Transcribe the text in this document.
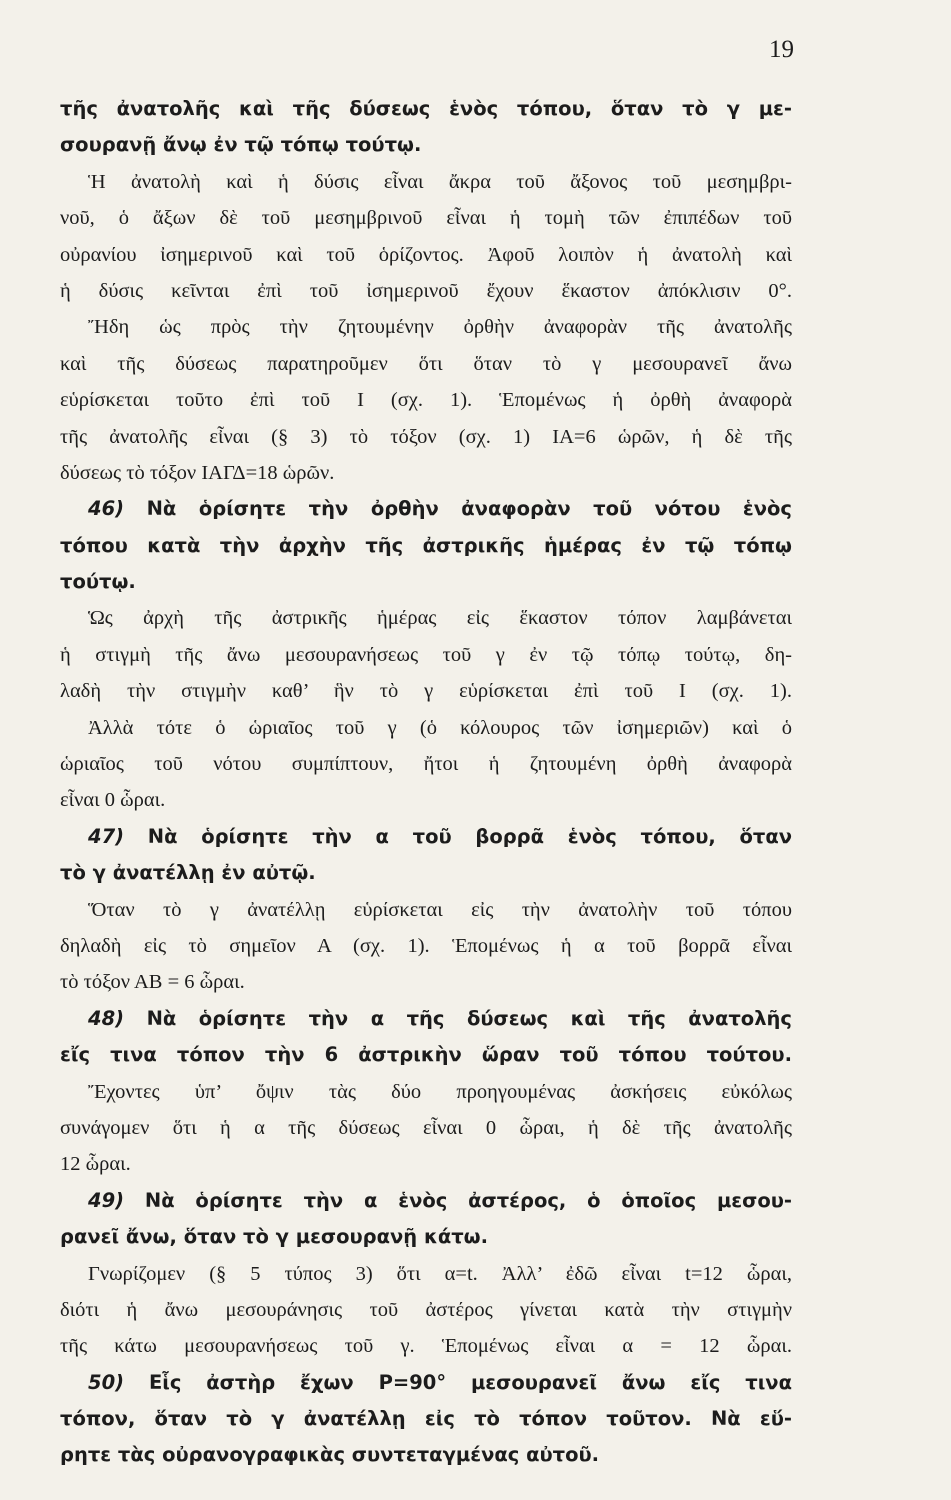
19
τῆς ἀνατολῆς καὶ τῆς δύσεως ἑνὸς τόπου, ὅταν τὸ γ με-
σουρανῇ ἄνῳ ἐν τῷ τόπῳ τούτῳ.
Ἡ ἀνατολὴ καὶ ἡ δύσις εἶναι ἄκρα τοῦ ἄξονος τοῦ μεσημβρι-
νοῦ, ὁ ἄξων δὲ τοῦ μεσημβρινοῦ εἶναι ἡ τομὴ τῶν ἐπιπέδων τοῦ
οὐρανίου ἰσημερινοῦ καὶ τοῦ ὁρίζοντος. Ἀφοῦ λοιπὸν ἡ ἀνατολὴ καὶ
ἡ δύσις κεῖνται ἐπὶ τοῦ ἰσημερινοῦ ἔχουν ἕκαστον ἀπόκλισιν 0°.
Ἤδη ὡς πρὸς τὴν ζητουμένην ὀρθὴν ἀναφορὰν τῆς ἀνατολῆς
καὶ τῆς δύσεως παρατηροῦμεν ὅτι ὅταν τὸ γ μεσουρανεῖ ἄνω
εὑρίσκεται τοῦτο ἐπὶ τοῦ Ι (σχ. 1). Ἑπομένως ἡ ὀρθὴ ἀναφορὰ
τῆς ἀνατολῆς εἶναι (§ 3) τὸ τόξον (σχ. 1) ΙΑ=6 ὡρῶν, ἡ δὲ τῆς
δύσεως τὸ τόξον ΙΑΓΔ=18 ὡρῶν.
46) Νὰ ὁρίσητε τὴν ὀρθὴν ἀναφορὰν τοῦ νότου ἑνὸς
τόπου κατὰ τὴν ἀρχὴν τῆς ἀστρικῆς ἡμέρας ἐν τῷ τόπῳ
τούτῳ.
Ὡς ἀρχὴ τῆς ἀστρικῆς ἡμέρας εἰς ἕκαστον τόπον λαμβάνεται
ἡ στιγμὴ τῆς ἄνω μεσουρανήσεως τοῦ γ ἐν τῷ τόπῳ τούτῳ, δη-
λαδὴ τὴν στιγμὴν καθ’ ἣν τὸ γ εὑρίσκεται ἐπὶ τοῦ Ι (σχ. 1).
Ἀλλὰ τότε ὁ ὡριαῖος τοῦ γ (ὁ κόλουρος τῶν ἰσημεριῶν) καὶ ὁ
ὡριαῖος τοῦ νότου συμπίπτουν, ἤτοι ἡ ζητουμένη ὀρθὴ ἀναφορὰ
εἶναι 0 ὧραι.
47) Νὰ ὁρίσητε τὴν α τοῦ βορρᾶ ἑνὸς τόπου, ὅταν
τὸ γ ἀνατέλλῃ ἐν αὐτῷ.
Ὅταν τὸ γ ἀνατέλλῃ εὑρίσκεται εἰς τὴν ἀνατολὴν τοῦ τόπου
δηλαδὴ εἰς τὸ σημεῖον Α (σχ. 1). Ἑπομένως ἡ α τοῦ βορρᾶ εἶναι
τὸ τόξον ΑΒ = 6 ὧραι.
48) Νὰ ὁρίσητε τὴν α τῆς δύσεως καὶ τῆς ἀνατολῆς
εἴς τινα τόπον τὴν 6 ἀστρικὴν ὥραν τοῦ τόπου τούτου.
Ἔχοντες ὑπ’ ὄψιν τὰς δύο προηγουμένας ἀσκήσεις εὐκόλως
συνάγομεν ὅτι ἡ α τῆς δύσεως εἶναι 0 ὧραι, ἡ δὲ τῆς ἀνατολῆς
12 ὧραι.
49) Νὰ ὁρίσητε τὴν α ἑνὸς ἀστέρος, ὁ ὁποῖος μεσου-
ρανεῖ ἄνω, ὅταν τὸ γ μεσουρανῇ κάτω.
Γνωρίζομεν (§ 5 τύπος 3) ὅτι α=t. Ἀλλ’ ἐδῶ εἶναι t=12 ὧραι,
διότι ἡ ἄνω μεσουράνησις τοῦ ἀστέρος γίνεται κατὰ τὴν στιγμὴν
τῆς κάτω μεσουρανήσεως τοῦ γ. Ἑπομένως εἶναι α = 12 ὧραι.
50) Εἷς ἀστὴρ ἔχων P=90° μεσουρανεῖ ἄνω εἴς τινα
τόπον, ὅταν τὸ γ ἀνατέλλῃ εἰς τὸ τόπον τοῦτον. Νὰ εὕ-
ρητε τὰς οὐρανογραφικὰς συντεταγμένας αὐτοῦ.
